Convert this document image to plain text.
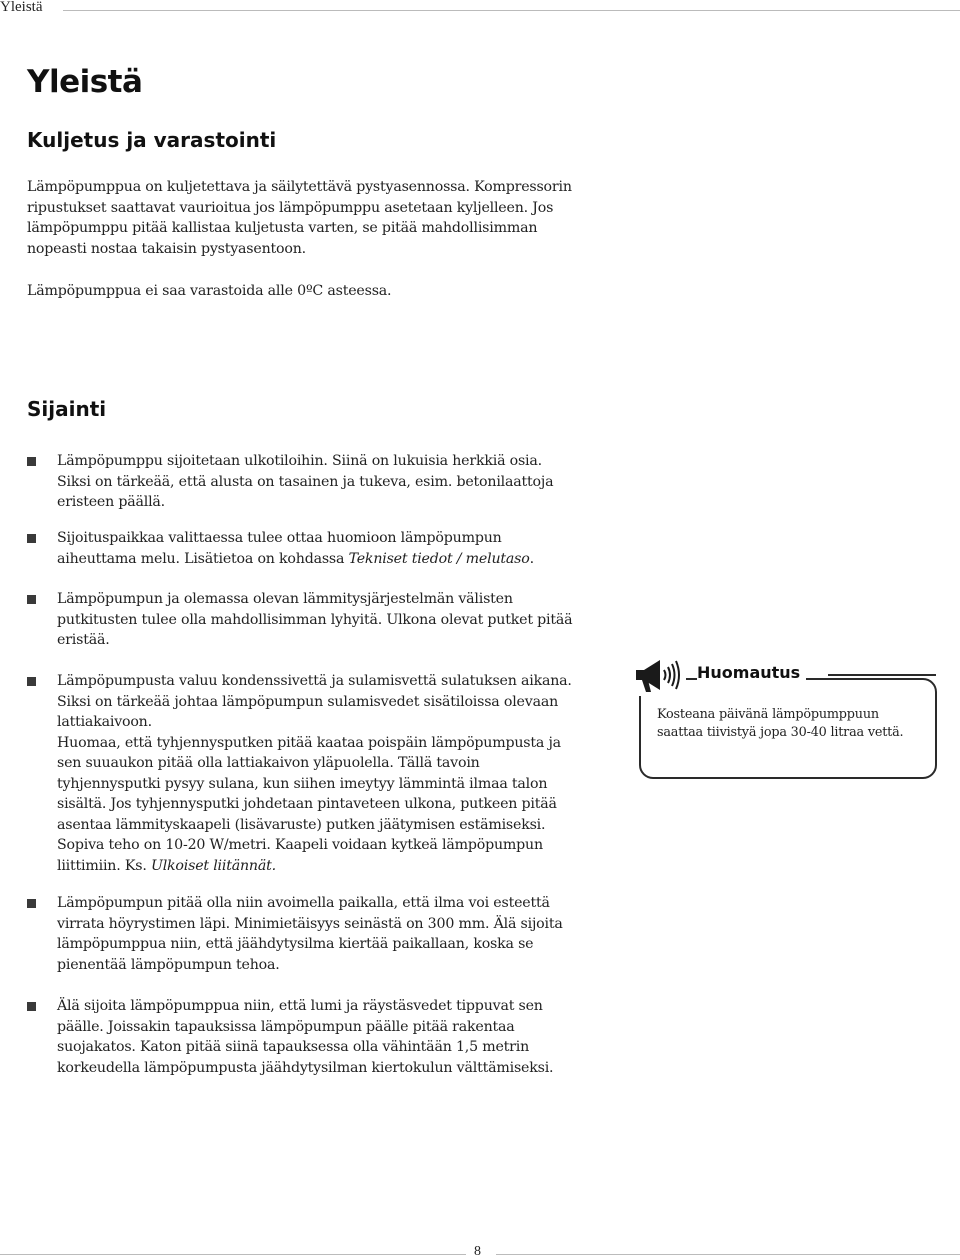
Yleistä
Yleistä
Kuljetus ja varastointi

Lämpöpumppua on kuljetettava ja säilytettävä pystyasennossa. Kompressorin ripustukset saattavat vaurioitua jos lämpöpumppu asetetaan kyljelleen. Jos lämpöpumppu pitää kallistaa kuljetusta varten, se pitää mahdollisimman nopeasti nostaa takaisin pystyasentoon.

Lämpöpumppua ei saa varastoida alle 0ºC asteessa.

Sijainti

Lämpöpumppu sijoitetaan ulkotiloihin. Siinä on lukuisia herkkiä osia. Siksi on tärkeää, että alusta on tasainen ja tukeva, esim. betonilaattoja eristeen päällä.

Sijoituspaikkaa valittaessa tulee ottaa huomioon lämpöpumpun aiheuttama melu. Lisätietoa on kohdassa Tekniset tiedot / melutaso.

Lämpöpumpun ja olemassa olevan lämmitysjärjestelmän välisten putkitusten tulee olla mahdollisimman lyhyitä. Ulkona olevat putket pitää eristää.

Lämpöpumpusta valuu kondenssivettä ja sulamisvettä sulatuksen aikana. Siksi on tärkeää johtaa lämpöpumpun sulamisvedet sisätiloissa olevaan lattiakaivoon.
Huomaa, että tyhjennysputken pitää kaataa poispäin lämpöpumpusta ja sen suuaukon pitää olla lattiakaivon yläpuolella. Tällä tavoin tyhjennysputki pysyy sulana, kun siihen imeytyy lämmintä ilmaa talon sisältä. Jos tyhjennysputki johdetaan pintaveteen ulkona, putkeen pitää asentaa lämmityskaapeli (lisävaruste) putken jäätymisen estämiseksi. Sopiva teho on 10-20 W/metri. Kaapeli voidaan kytkeä lämpöpumpun liittimiin. Ks. Ulkoiset liitännät.

Lämpöpumpun pitää olla niin avoimella paikalla, että ilma voi esteettä virrata höyrystimen läpi. Minimietäisyys seinästä on 300 mm. Älä sijoita lämpöpumppua niin, että jäähdytysilma kiertää paikallaan, koska se pienentää lämpöpumpun tehoa.

Älä sijoita lämpöpumppua niin, että lumi ja räystäsvedet tippuvat sen päälle. Joissakin tapauksissa lämpöpumpun päälle pitää rakentaa suojakatos. Katon pitää siinä tapauksessa olla vähintään 1,5 metrin korkeudella lämpöpumpusta jäähdytysilman kiertokulun välttämiseksi.

Huomautus

Kosteana päivänä lämpöpumppuun saattaa tiivistyä jopa 30-40 litraa vettä.

8
